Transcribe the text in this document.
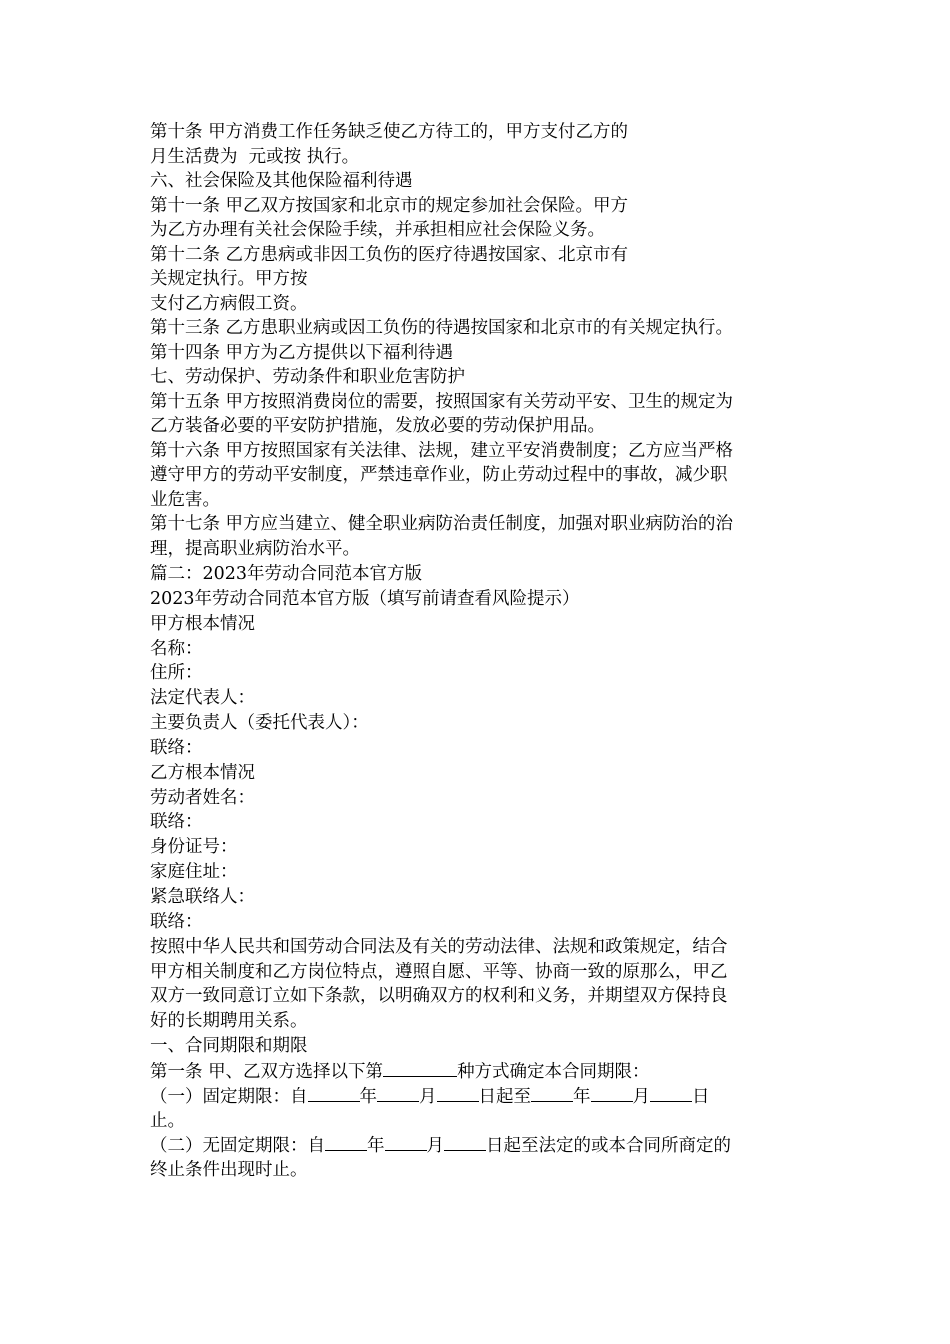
第十条 甲方消费工作任务缺乏使乙方待工的，甲方支付乙方的
月生活费为  元或按 执行。
六、社会保险及其他保险福利待遇
第十一条 甲乙双方按国家和北京市的规定参加社会保险。甲方
为乙方办理有关社会保险手续，并承担相应社会保险义务。
第十二条 乙方患病或非因工负伤的医疗待遇按国家、北京市有
关规定执行。甲方按
支付乙方病假工资。
第十三条 乙方患职业病或因工负伤的待遇按国家和北京市的有关规定执行。
第十四条 甲方为乙方提供以下福利待遇
七、劳动保护、劳动条件和职业危害防护
第十五条 甲方按照消费岗位的需要，按照国家有关劳动平安、卫生的规定为
乙方装备必要的平安防护措施，发放必要的劳动保护用品。
第十六条 甲方按照国家有关法律、法规，建立平安消费制度；乙方应当严格
遵守甲方的劳动平安制度，严禁违章作业，防止劳动过程中的事故，减少职
业危害。
第十七条 甲方应当建立、健全职业病防治责任制度，加强对职业病防治的治
理，提高职业病防治水平。
篇二：2023年劳动合同范本官方版
2023年劳动合同范本官方版（填写前请查看风险提示）
甲方根本情况
名称：
住所：
法定代表人：
主要负责人（委托代表人）：
联络：
乙方根本情况
劳动者姓名：
联络：
身份证号：
家庭住址：
紧急联络人：
联络：
按照中华人民共和国劳动合同法及有关的劳动法律、法规和政策规定，结合
甲方相关制度和乙方岗位特点，遵照自愿、平等、协商一致的原那么，甲乙
双方一致同意订立如下条款，以明确双方的权利和义务，并期望双方保持良
好的长期聘用关系。
一、合同期限和期限
第一条 甲、乙双方选择以下第	种方式确定本合同期限：
（一）固定期限：自	年 月 日起至 年 月 日
止。
（二）无固定期限：自 年 月 日起至法定的或本合同所商定的
终止条件出现时止。
